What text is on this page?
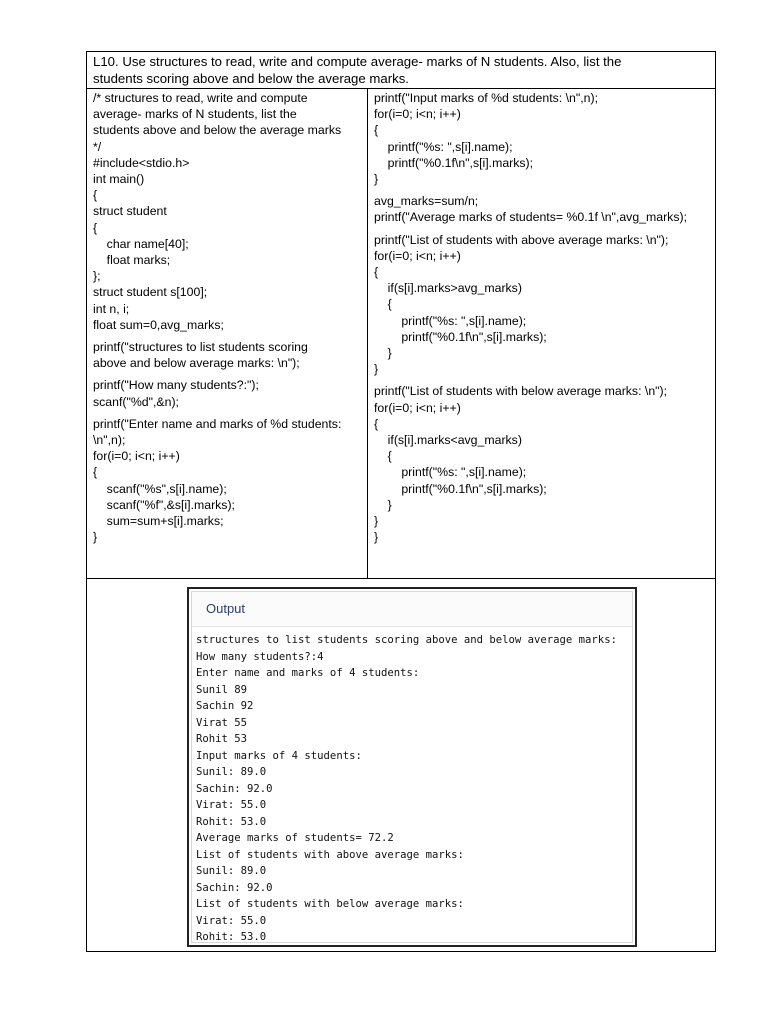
L10. Use structures to read, write and compute average- marks of N students. Also, list the
students scoring above and below the average marks.
/* structures to read, write and compute
average- marks of N students, list the
students above and below the average marks
*/
#include<stdio.h>
int main()
{
struct student
{
char name[40];
float marks;
};
struct student s[100];
int n, i;
float sum=0,avg_marks;
printf("structures to list students scoring
above and below average marks: \n");
printf("How many students?:");
scanf("%d",&n);
printf("Enter name and marks of %d students:
\n",n);
for(i=0; i<n; i++)
{
scanf("%s",s[i].name);
scanf("%f",&s[i].marks);
sum=sum+s[i].marks;
}
printf("Input marks of %d students: \n",n);
for(i=0; i<n; i++)
{
printf("%s: ",s[i].name);
printf("%0.1f\n",s[i].marks);
}
avg_marks=sum/n;
printf("Average marks of students= %0.1f \n",avg_marks);
printf("List of students with above average marks: \n");
for(i=0; i<n; i++)
{
if(s[i].marks>avg_marks)
{
printf("%s: ",s[i].name);
printf("%0.1f\n",s[i].marks);
}
}
printf("List of students with below average marks: \n");
for(i=0; i<n; i++)
{
if(s[i].marks<avg_marks)
{
printf("%s: ",s[i].name);
printf("%0.1f\n",s[i].marks);
}
}
}
Output
structures to list students scoring above and below average marks:
How many students?:4
Enter name and marks of 4 students:
Sunil 89
Sachin 92
Virat 55
Rohit 53
Input marks of 4 students:
Sunil: 89.0
Sachin: 92.0
Virat: 55.0
Rohit: 53.0
Average marks of students= 72.2
List of students with above average marks:
Sunil: 89.0
Sachin: 92.0
List of students with below average marks:
Virat: 55.0
Rohit: 53.0
